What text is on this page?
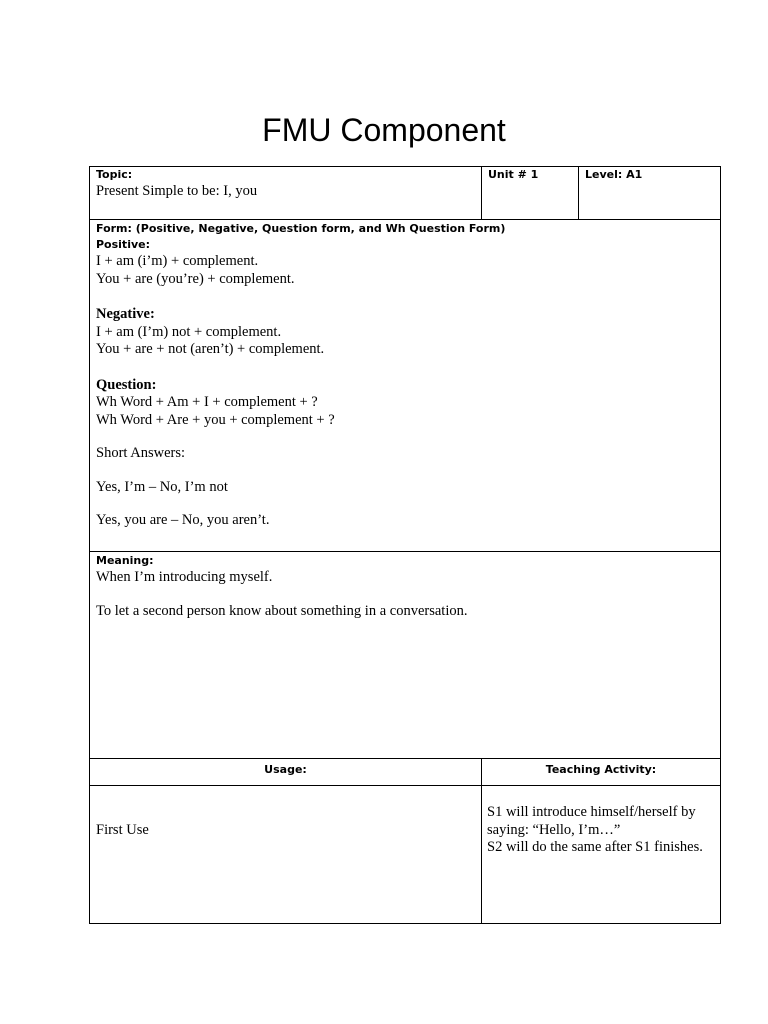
FMU Component
Topic:
Present Simple to be: I, you
Unit # 1	Level: A1
Form: (Positive, Negative, Question form, and Wh Question Form)
Positive:
I + am (i’m) + complement.
You + are (you’re) + complement.
Negative:
I + am (I’m) not + complement.
You + are + not (aren’t) + complement.
Question:
Wh Word + Am + I + complement + ?
Wh Word + Are + you + complement + ?
Short Answers:
Yes, I’m – No, I’m not
Yes, you are – No, you aren’t.
Meaning:
When I’m introducing myself.
To let a second person know about something in a conversation.
Usage:	Teaching Activity:
First Use
S1 will introduce himself/herself by
saying: “Hello, I’m…”
S2 will do the same after S1 finishes.
